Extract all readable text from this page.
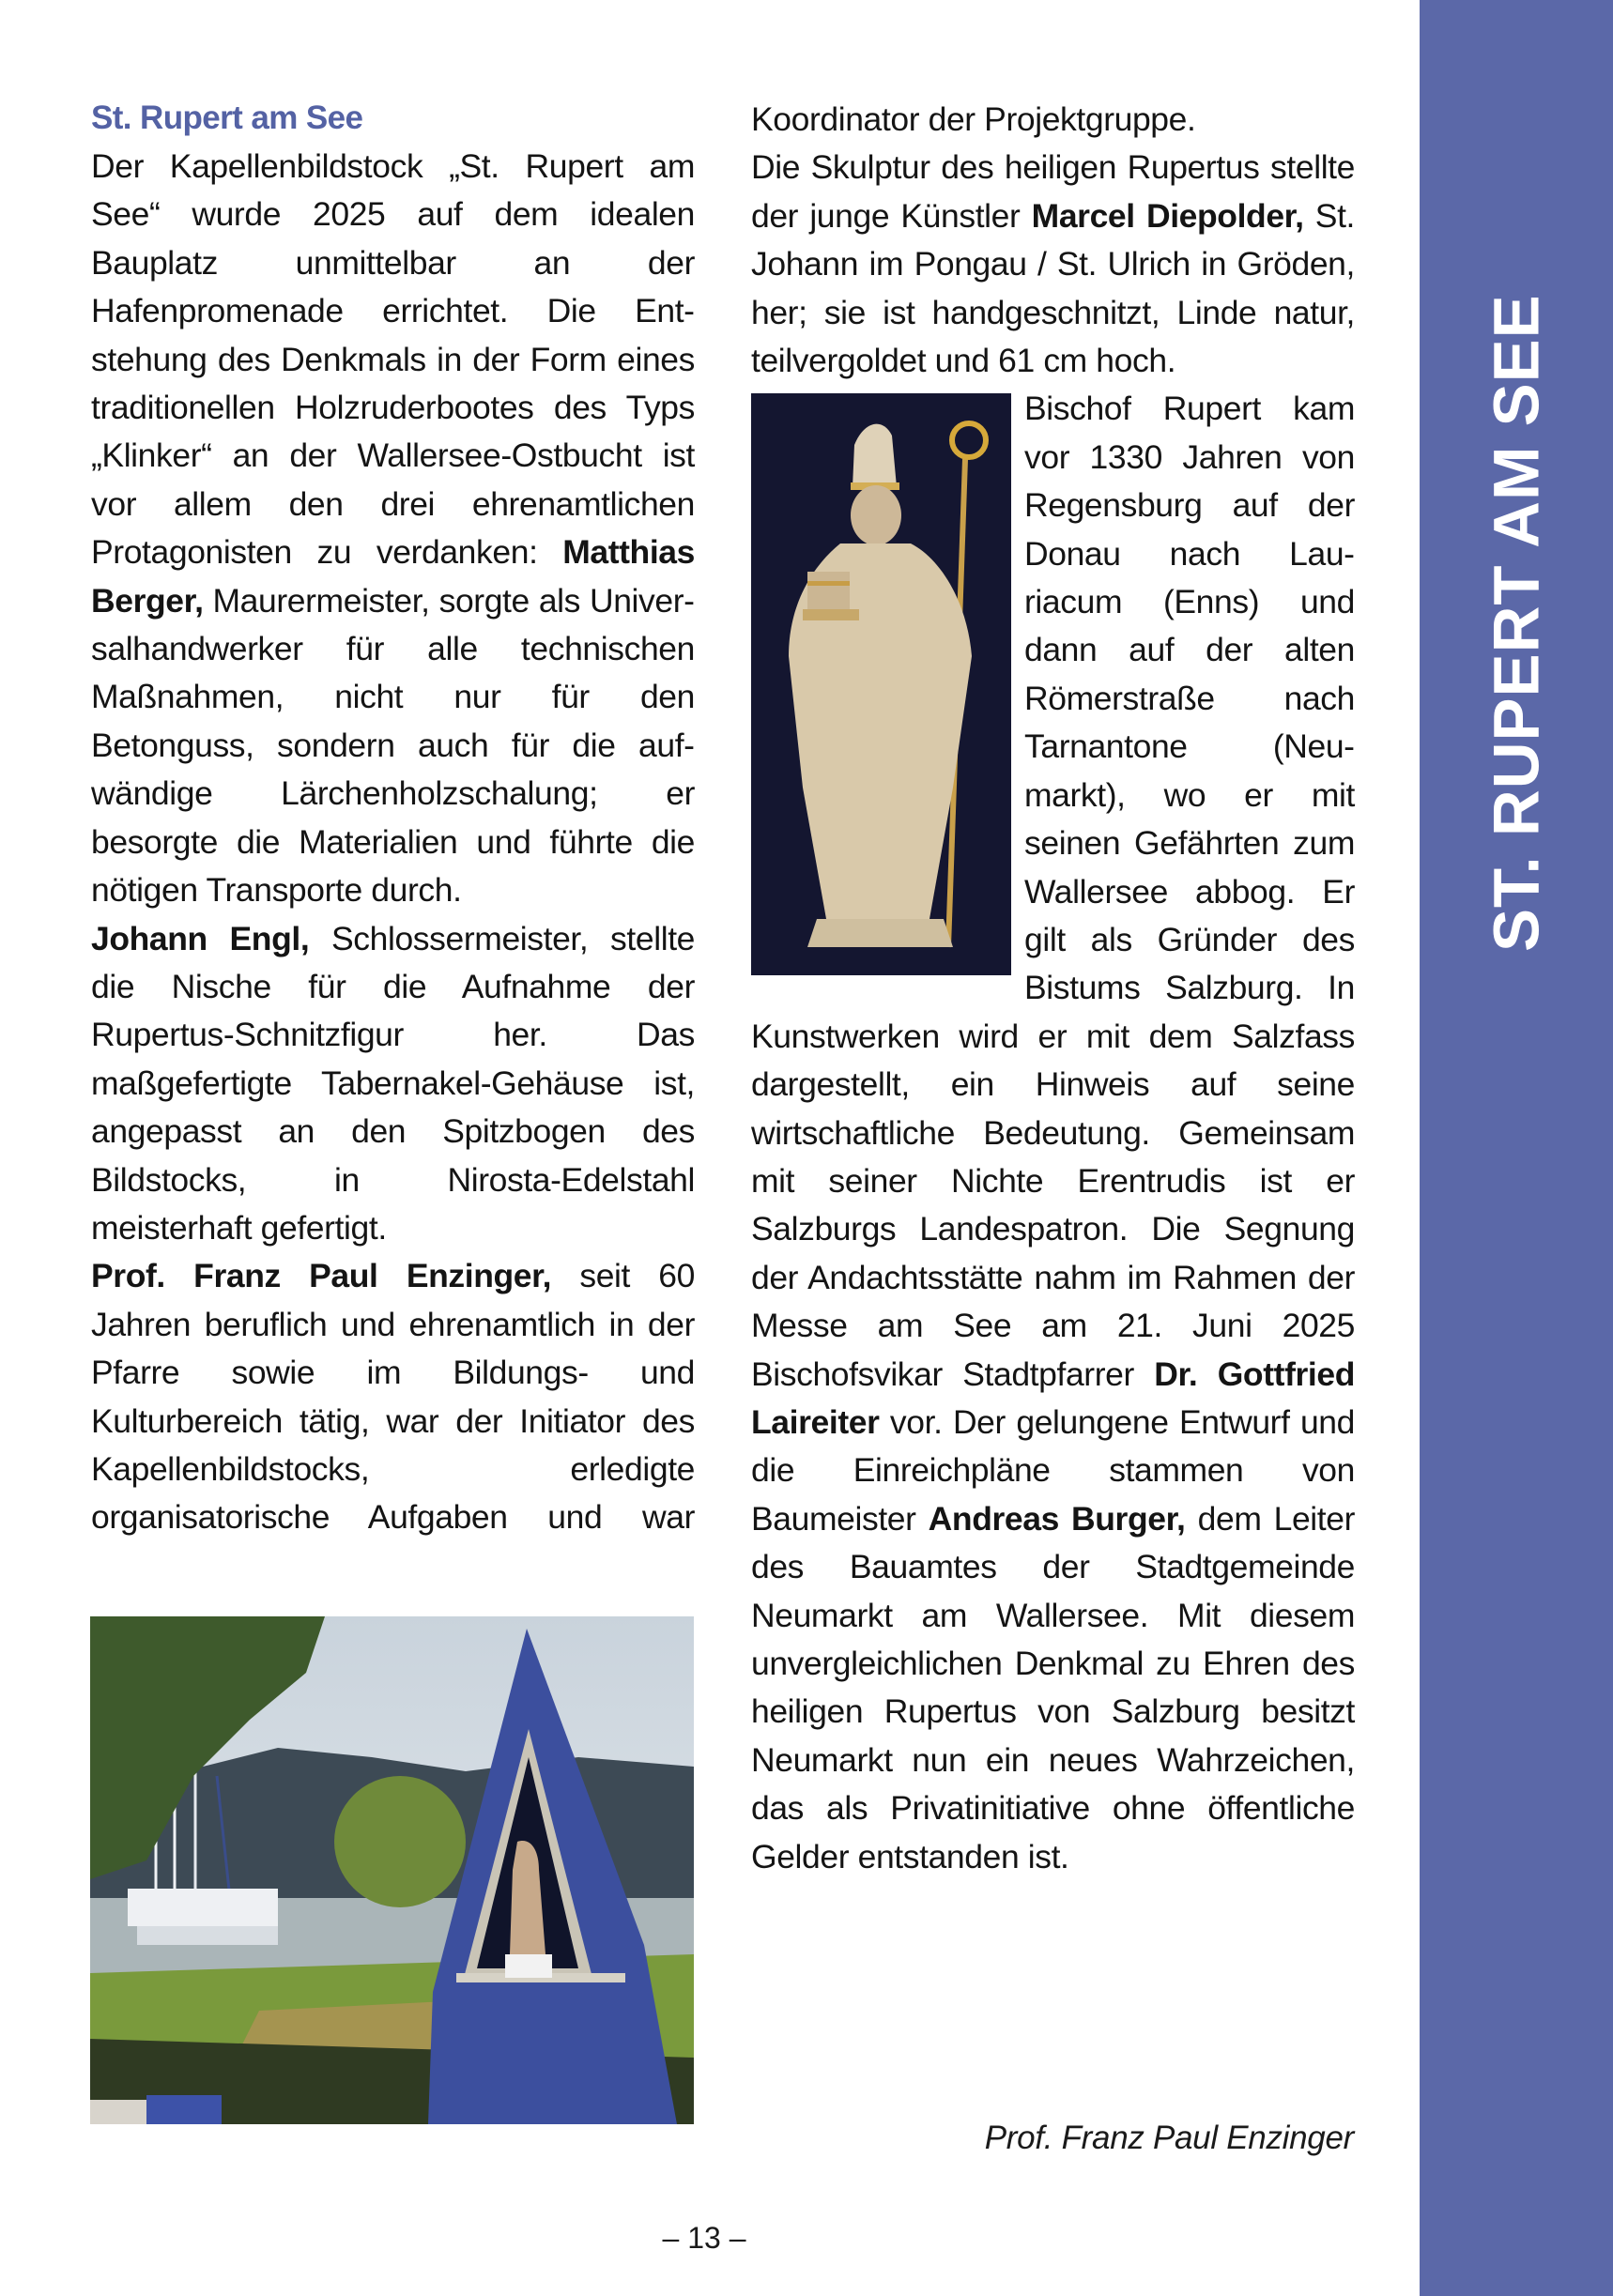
St. Rupert am See

Der Kapellenbildstock „St. Rupert am See“ wurde 2025 auf dem idealen Bauplatz unmittelbar an der Hafenpromenade errichtet. Die Entstehung des Denkmals in der Form eines traditionellen Holzruderbootes des Typs „Klinker“ an der Wallersee-Ostbucht ist vor allem den drei ehrenamtlichen Protagonisten zu verdanken: Matthias Berger, Maurermeister, sorgte als Universalhandwerker für alle technischen Maßnahmen, nicht nur für den Betonguss, sondern auch für die aufwändige Lärchenholzschalung; er besorgte die Materialien und führte die nötigen Transporte durch.

Johann Engl, Schlossermeister, stellte die Nische für die Aufnahme der Rupertus-Schnitzfigur her. Das maßgefertigte Tabernakel-Gehäuse ist, angepasst an den Spitzbogen des Bildstocks, in Nirosta-Edelstahl meisterhaft gefertigt.

Prof. Franz Paul Enzinger, seit 60 Jahren beruflich und ehrenamtlich in der Pfarre sowie im Bildungs- und Kulturbereich tätig, war der Initiator des Kapellenbildstocks, erledigte organisatorische Aufgaben und war

Koordinator der Projektgruppe.

Die Skulptur des heiligen Rupertus stellte der junge Künstler Marcel Diepolder, St. Johann im Pongau / St. Ulrich in Gröden, her; sie ist handgeschnitzt, Linde natur, teilvergoldet und 61 cm hoch.

Bischof Rupert kam vor 1330 Jahren von Regensburg auf der Donau nach Lauriacum (Enns) und dann auf der alten Römerstraße nach Tarnantone (Neumarkt), wo er mit seinen Gefährten zum Wallersee abbog. Er gilt als Gründer des Bistums Salzburg. In Kunstwerken wird er mit dem Salzfass dargestellt, ein Hinweis auf seine wirtschaftliche Bedeutung. Gemeinsam mit seiner Nichte Erentrudis ist er Salzburgs Landespatron. Die Segnung der Andachtsstätte nahm im Rahmen der Messe am See am 21. Juni 2025 Bischofsvikar Stadtpfarrer Dr. Gottfried Laireiter vor. Der gelungene Entwurf und die Einreichpläne stammen von Baumeister Andreas Burger, dem Leiter des Bauamtes der Stadtgemeinde Neumarkt am Wallersee. Mit diesem unvergleichlichen Denkmal zu Ehren des heiligen Rupertus von Salzburg besitzt Neumarkt nun ein neues Wahrzeichen, das als Privatinitiative ohne öffentliche Gelder entstanden ist.

Prof. Franz Paul Enzinger
– 13 –
ST. RUPERT AM SEE
